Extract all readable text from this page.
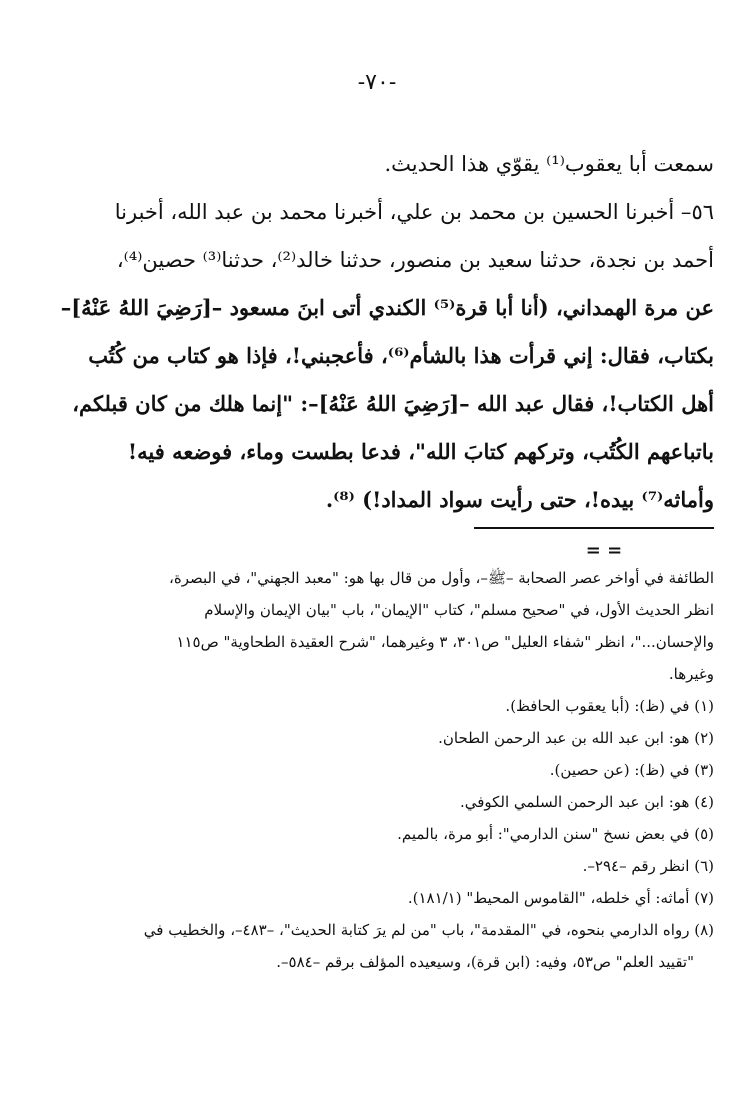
-٧٠-
سمعت أبا يعقوب⁽¹⁾ يقوّي هذا الحديث.
٥٦– أخبرنا الحسين بن محمد بن علي، أخبرنا محمد بن عبد الله، أخبرنا
أحمد بن نجدة، حدثنا سعيد بن منصور، حدثنا خالد⁽²⁾، حدثنا⁽³⁾ حصين⁽⁴⁾،
عن مرة الهمداني، (أنا أبا قرة⁽⁵⁾ الكندي أتى ابنَ مسعود –[رَضِيَ اللهُ عَنْهُ]–
بكتاب، فقال: إني قرأت هذا بالشأم⁽⁶⁾، فأعجبني!، فإذا هو كتاب من كُتُب
أهل الكتاب!، فقال عبد الله –[رَضِيَ اللهُ عَنْهُ]–: "إنما هلك من كان قبلكم،
باتباعهم الكُتُب، وتركهم كتابَ الله"، فدعا بطست وماء، فوضعه فيه!
وأماثه⁽⁷⁾ بيده!، حتى رأيت سواد المداد!) ⁽⁸⁾.
= =
الطائفة في أواخر عصر الصحابة –ﷺ–، وأول من قال بها هو: "معبد الجهني"، في البصرة،
انظر الحديث الأول، في "صحيح مسلم"، كتاب "الإيمان"، باب "بيان الإيمان والإسلام
والإحسان..."، انظر "شفاء العليل" ص٣٠١، ٣ وغيرهما، "شرح العقيدة الطحاوية" ص١١٥
وغيرها.
(١) في (ظ): (أبا يعقوب الحافظ).
(٢) هو: ابن عبد الله بن عبد الرحمن الطحان.
(٣) في (ظ): (عن حصين).
(٤) هو: ابن عبد الرحمن السلمي الكوفي.
(٥) في بعض نسخ "سنن الدارمي": أبو مرة، بالميم.
(٦) انظر رقم –٢٩٤–.
(٧) أماثه: أي خلطه، "القاموس المحيط" (١٨١/١).
(٨) رواه الدارمي بنحوه، في "المقدمة"، باب "من لم يرَ كتابة الحديث"، –٤٨٣–، والخطيب في
"تقييد العلم" ص٥٣، وفيه: (ابن قرة)، وسيعيده المؤلف برقم –٥٨٤–.
